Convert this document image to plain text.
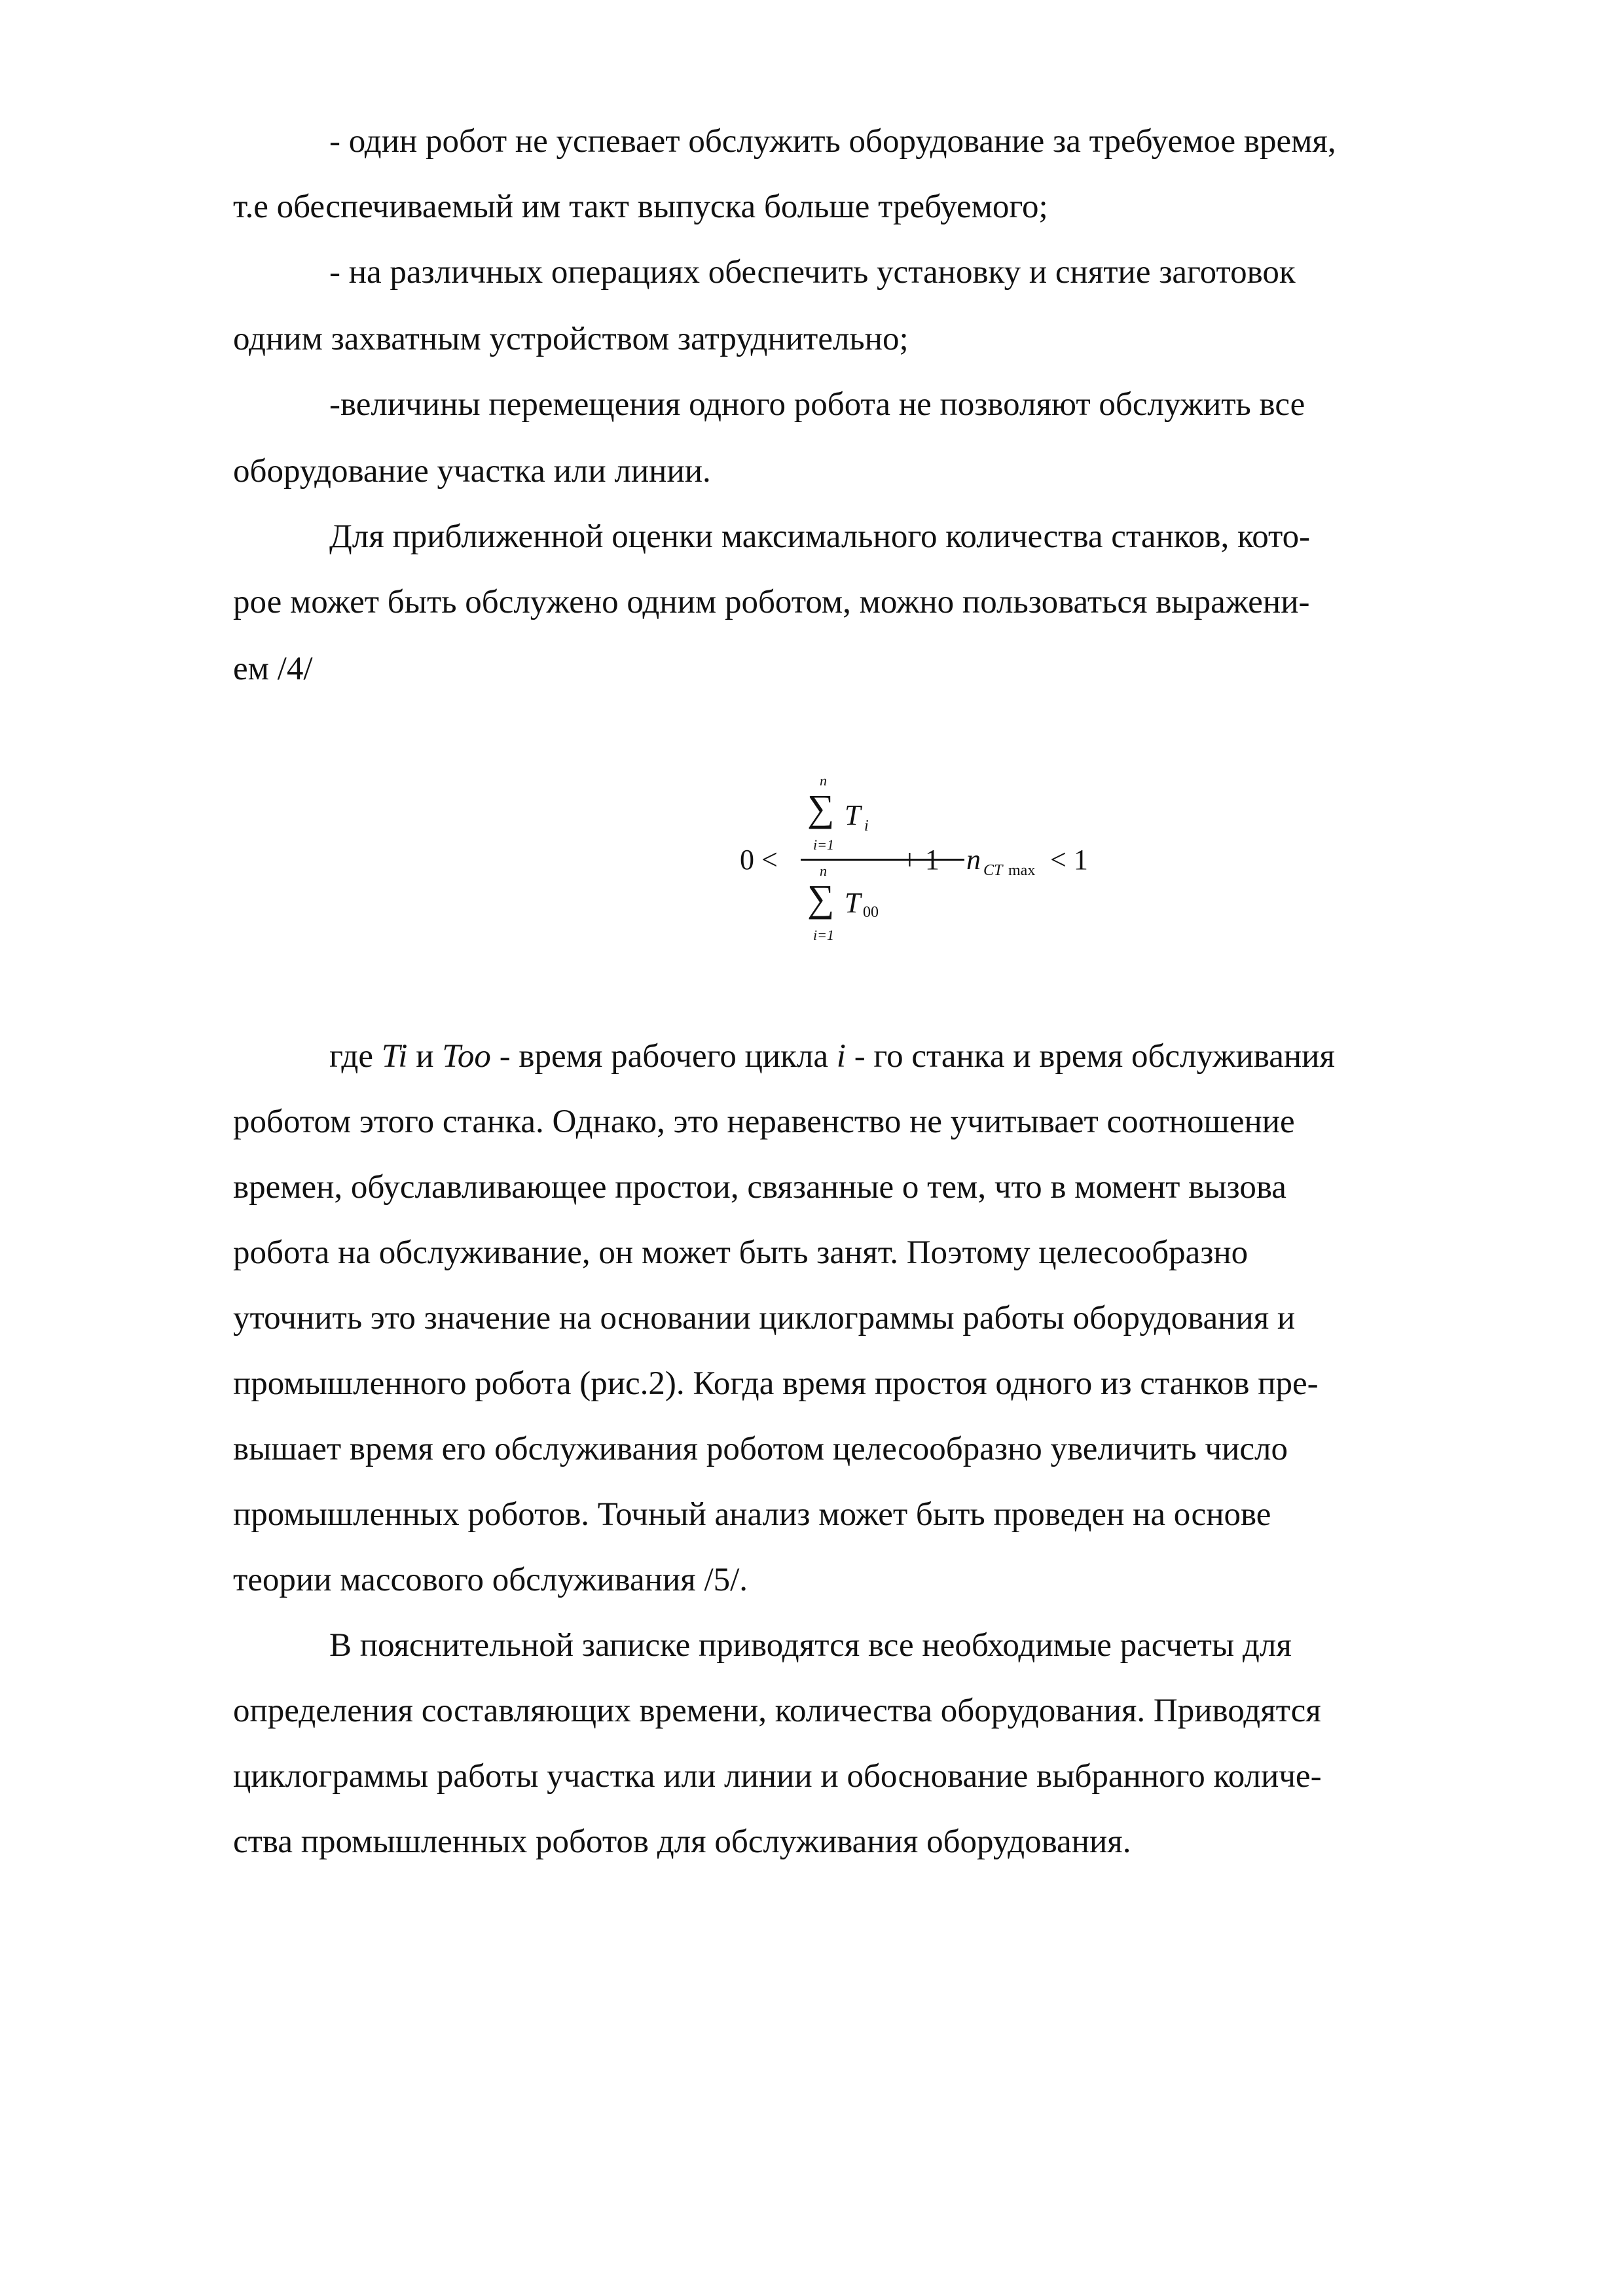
- один робот не успевает обслужить оборудование за требуемое время,
т.е обеспечиваемый им такт выпуска больше требуемого;
- на различных операциях обеспечить установку и снятие заготовок
одним захватным устройством затруднительно;
-величины перемещения одного робота не позволяют обслужить все
оборудование участка или линии.
Для приближенной оценки максимального количества станков, кото-
рое может быть обслужено одним роботом, можно пользоваться выражени-
ем /4/
0 <
n
∑ T i
i=1
n
∑ T 00
i=1
+ 1 − n CT max < 1
где Ti и Too - время рабочего цикла i - го станка и время обслуживания
роботом этого станка. Однако, это неравенство не учитывает соотношение
времен, обуславливающее простои, связанные о тем, что в момент вызова
робота на обслуживание, он может быть занят. Поэтому целесообразно
уточнить это значение на основании циклограммы работы оборудования и
промышленного робота (рис.2). Когда время простоя одного из станков пре-
вышает время его обслуживания роботом целесообразно увеличить число
промышленных роботов. Точный анализ может быть проведен на основе
теории массового обслуживания /5/.
В пояснительной записке приводятся все необходимые расчеты для
определения составляющих времени, количества оборудования. Приводятся
циклограммы работы участка или линии и обоснование выбранного количе-
ства промышленных роботов для обслуживания оборудования.
